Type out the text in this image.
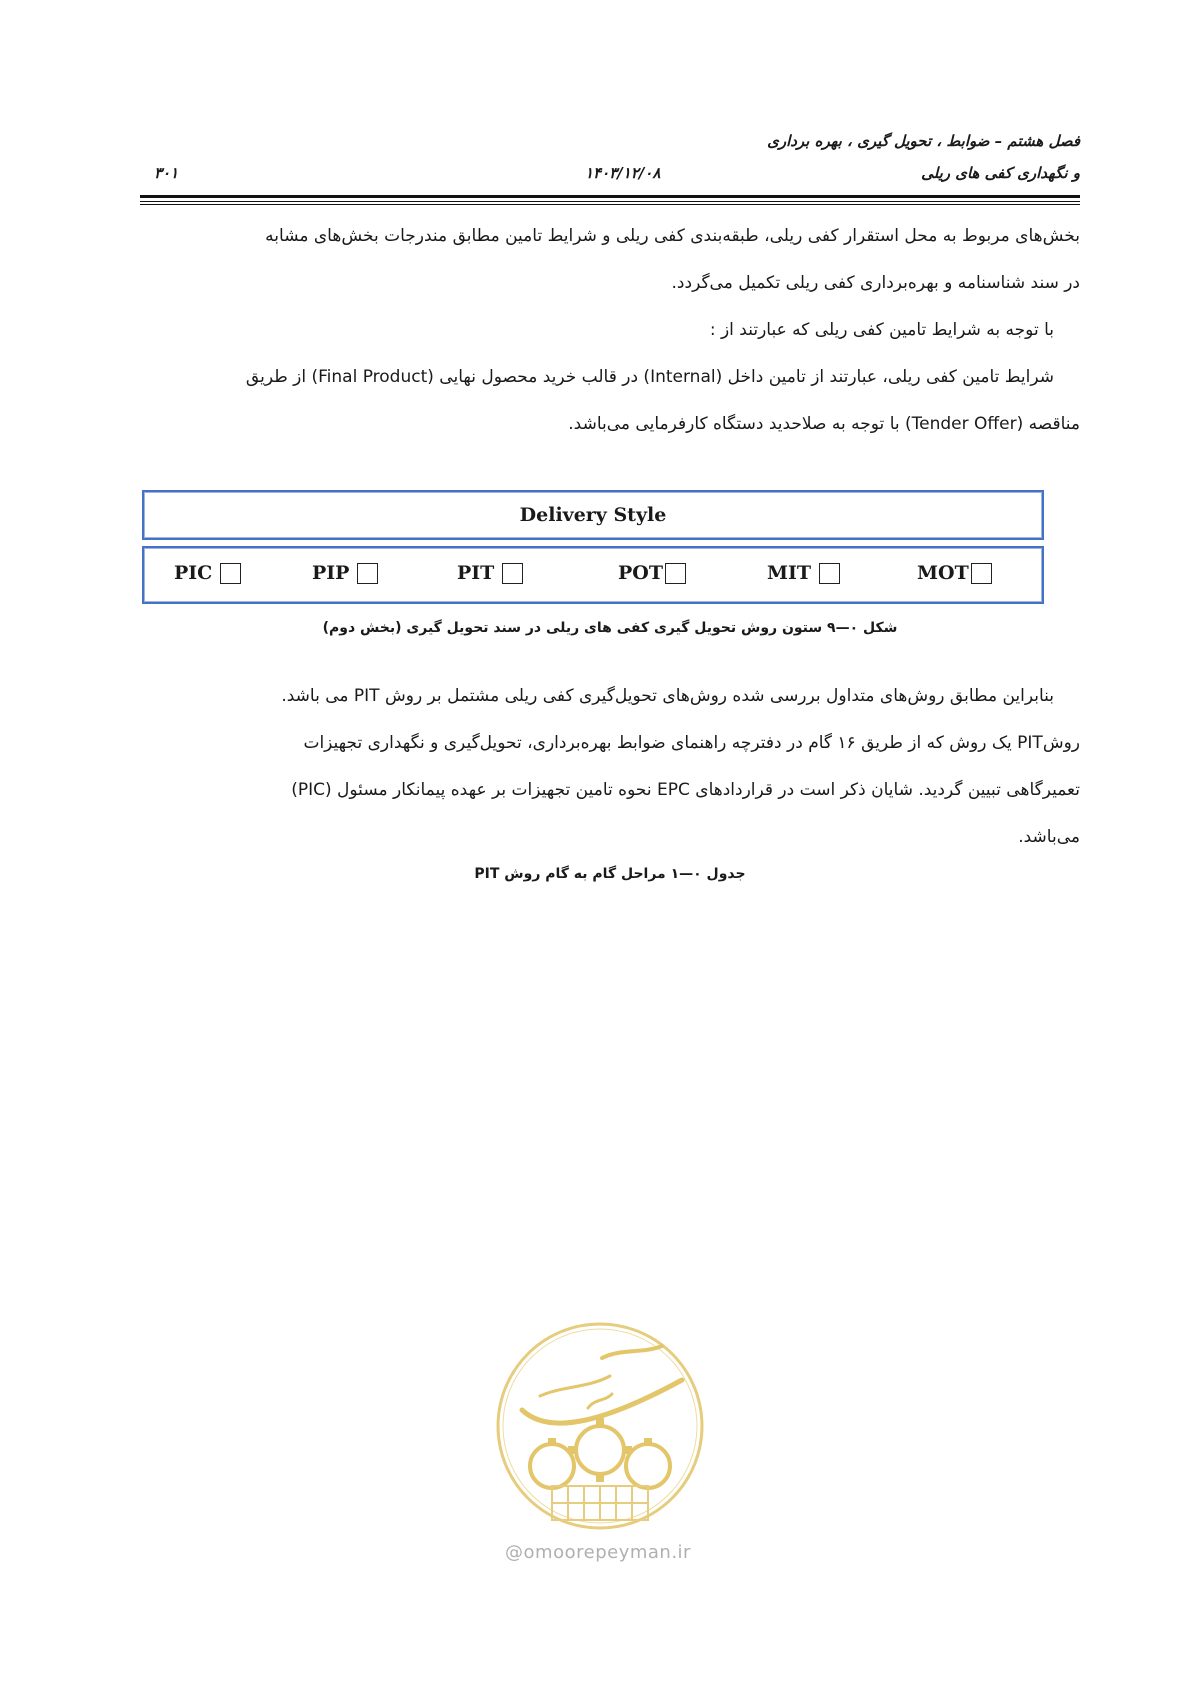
فصل هشتم – ضوابط ، تحویل گیری ، بهره برداری
و نگهداری کفی های ریلی
۱۴۰۳/۱۲/۰۸
۳۰۱

بخش‌های مربوط به محل استقرار کفی ریلی، طبقه‌بندی کفی ریلی و شرایط تامین مطابق مندرجات بخش‌های مشابه

در سند شناسنامه و بهره‌برداری کفی ریلی تکمیل می‌گردد.

با توجه به شرایط تامین کفی ریلی که عبارتند از :

شرایط تامین کفی ریلی، عبارتند از تامین داخل (Internal) در قالب خرید محصول نهایی (Final Product) از طریق

مناقصه (Tender Offer) با توجه به صلاحدید دستگاه کارفرمایی می‌باشد.

Delivery Style
PIC	PIP	PIT	POT	MIT	MOT
شکل ۰—۹ ستون روش تحویل گیری کفی های ریلی در سند تحویل گیری (بخش دوم)

بنابراین مطابق روش‌های متداول بررسی شده روش‌های تحویل‌گیری کفی ریلی مشتمل بر روش PIT می باشد.

روشPIT یک روش که از طریق ۱۶ گام در دفترچه راهنمای ضوابط بهره‌برداری، تحویل‌گیری و نگهداری تجهیزات

تعمیرگاهی تبیین گردید. شایان ذکر است در قراردادهای EPC نحوه تامین تجهیزات بر عهده پیمانکار مسئول (PIC)

می‌باشد.

جدول ۰—۱ مراحل گام به گام روش PIT
@omoorepeyman.ir
